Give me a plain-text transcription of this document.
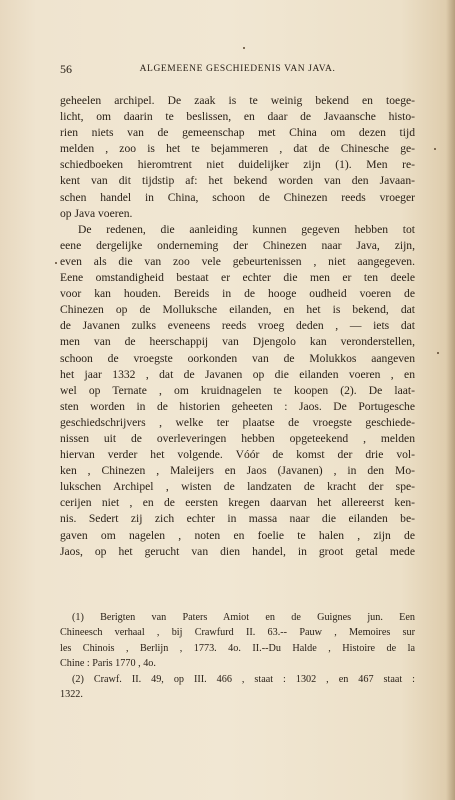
56	ALGEMEENE GESCHIEDENIS VAN JAVA.

geheelen archipel. De zaak is te weinig bekend en toege-
licht, om daarin te beslissen, en daar de Javaansche histo-
rien niets van de gemeenschap met China om dezen tijd
melden , zoo is het te bejammeren , dat de Chinesche ge-
schiedboeken hieromtrent niet duidelijker zijn (1). Men re-
kent van dit tijdstip af: het bekend worden van den Javaan-
schen handel in China, schoon de Chinezen reeds vroeger
op Java voeren.

De redenen, die aanleiding kunnen gegeven hebben tot
eene dergelijke onderneming der Chinezen naar Java, zijn,
even als die van zoo vele gebeurtenissen , niet aangegeven.
Eene omstandigheid bestaat er echter die men er ten deele
voor kan houden. Bereids in de hooge oudheid voeren de
Chinezen op de Molluksche eilanden, en het is bekend, dat
de Javanen zulks eveneens reeds vroeg deden , — iets dat
men van de heerschappij van Djengolo kan veronderstellen,
schoon de vroegste oorkonden van de Molukkos aangeven
het jaar 1332 , dat de Javanen op die eilanden voeren , en
wel op Ternate , om kruidnagelen te koopen (2). De laat-
sten worden in de historien geheeten : Jaos. De Portugesche
geschiedschrijvers , welke ter plaatse de vroegste geschiede-
nissen uit de overleveringen hebben opgeteekend , melden
hiervan verder het volgende. Vóór de komst der drie vol-
ken , Chinezen , Maleijers en Jaos (Javanen) , in den Mo-
lukschen Archipel , wisten de landzaten de kracht der spe-
cerijen niet , en de eersten kregen daarvan het allereerst ken-
nis. Sedert zij zich echter in massa naar die eilanden be-
gaven om nagelen , noten en foelie te halen , zijn de
Jaos, op het gerucht van dien handel, in groot getal mede

(1) Berigten van Paters Amiot en de Guignes jun. Een
Chineesch verhaal , bij Crawfurd II. 63.-- Pauw , Memoires sur
les Chinois , Berlijn , 1773. 4o. II.--Du Halde , Histoire de la
Chine : Paris 1770 , 4o.
(2) Crawf. II. 49, op III. 466 , staat : 1302 , en 467 staat :
1322.
